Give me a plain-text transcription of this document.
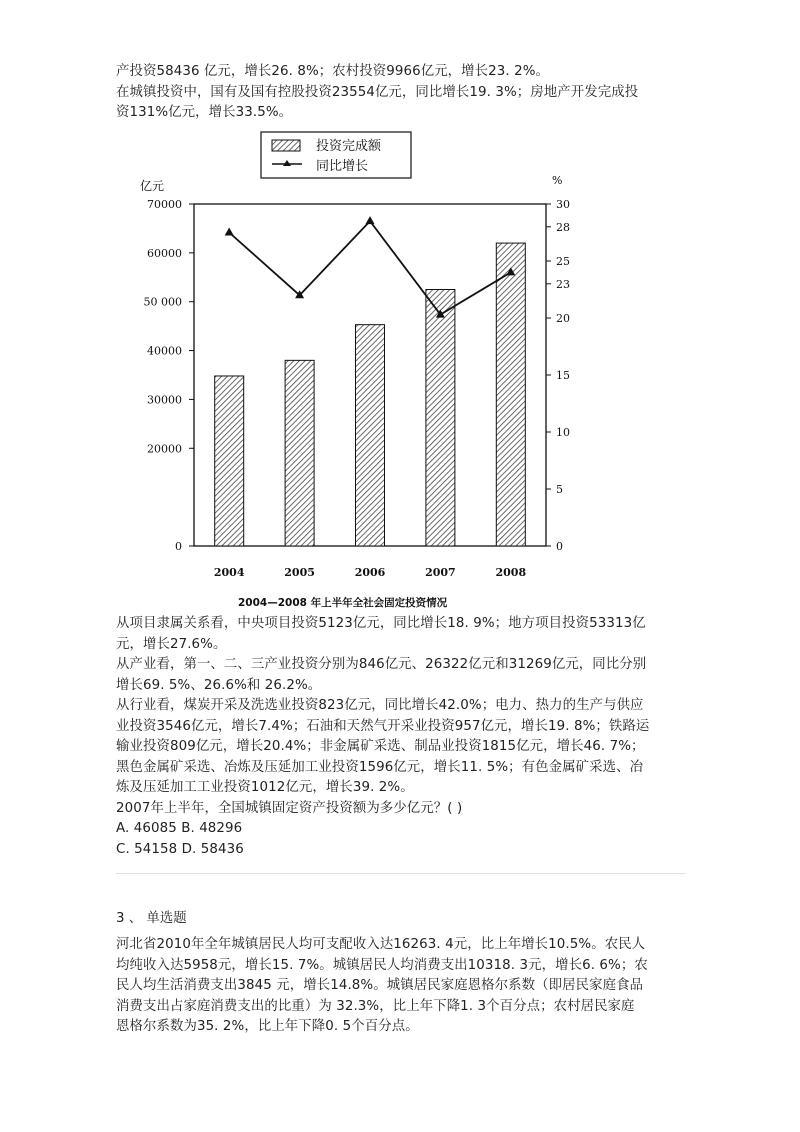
产投资58436 亿元，增长26. 8%；农村投资9966亿元，增长23. 2%。
在城镇投资中，国有及国有控股投资23554亿元，同比增长19. 3%；房地产开发完成投
资131%亿元，增长33.5%。
投资完成额
同比增长
亿元	%
0
20000
30000
40000
50 000
60000
70000
0
5
10
15
20
23
25
28
30
2004	2005	2006	2007	2008
2004—2008 年上半年全社会固定投资情况
从项目隶属关系看，中央项目投资5123亿元，同比增长18. 9%；地方项目投资53313亿
元，增长27.6%。
从产业看，第一、二、三产业投资分别为846亿元、26322亿元和31269亿元，同比分别
增长69. 5%、26.6%和 26.2%。
从行业看，煤炭开采及洗选业投资823亿元，同比增长42.0%；电力、热力的生产与供应
业投资3546亿元，增长7.4%；石油和天然气开采业投资957亿元，增长19. 8%；铁路运
输业投资809亿元，增长20.4%；非金属矿采选、制品业投资1815亿元，增长46. 7%；
黑色金属矿采选、冶炼及压延加工业投资1596亿元，增长11. 5%；有色金属矿采选、冶
炼及压延加工工业投资1012亿元，增长39. 2%。
2007年上半年，全国城镇固定资产投资额为多少亿元？( )
A. 46085 B. 48296
C. 54158 D. 58436
3 、 单选题
河北省2010年全年城镇居民人均可支配收入达16263. 4元，比上年增长10.5%。农民人
均纯收入达5958元，增长15. 7%。城镇居民人均消费支出10318. 3元，增长6. 6%；农
民人均生活消费支出3845 元，增长14.8%。城镇居民家庭恩格尔系数（即居民家庭食品
消费支出占家庭消费支出的比重）为 32.3%，比上年下降1. 3个百分点；农村居民家庭
恩格尔系数为35. 2%，比上年下降0. 5个百分点。
